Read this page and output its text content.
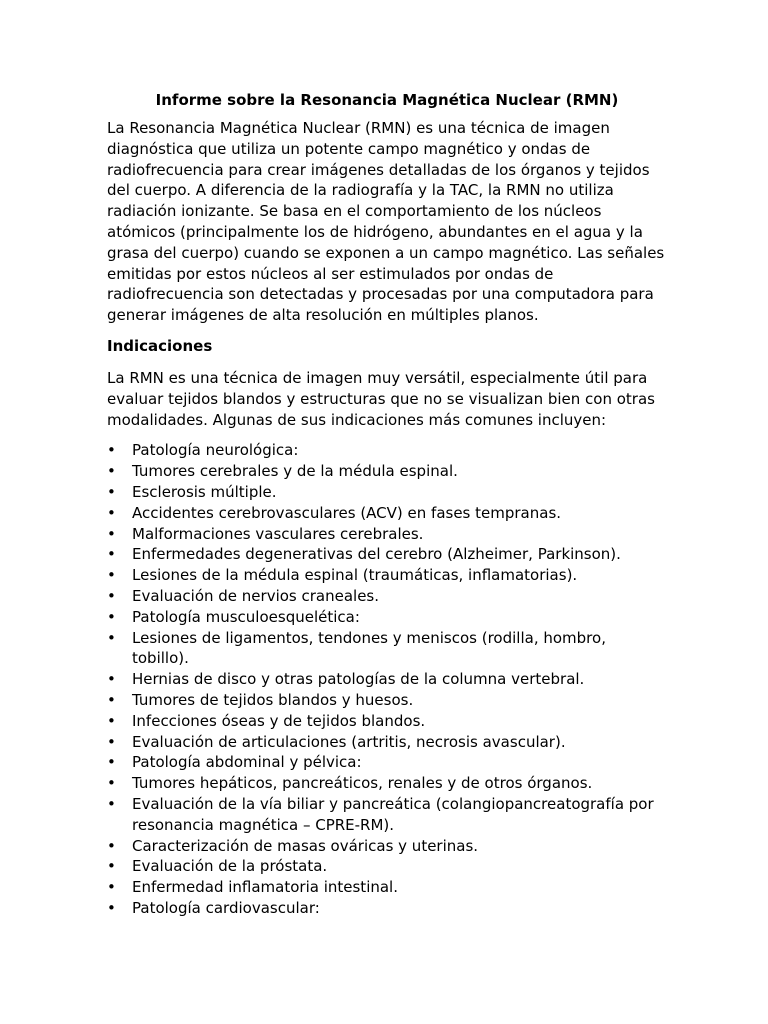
Informe sobre la Resonancia Magnética Nuclear (RMN)

La Resonancia Magnética Nuclear (RMN) es una técnica de imagen diagnóstica que utiliza un potente campo magnético y ondas de radiofrecuencia para crear imágenes detalladas de los órganos y tejidos del cuerpo. A diferencia de la radiografía y la TAC, la RMN no utiliza radiación ionizante. Se basa en el comportamiento de los núcleos atómicos (principalmente los de hidrógeno, abundantes en el agua y la grasa del cuerpo) cuando se exponen a un campo magnético. Las señales emitidas por estos núcleos al ser estimulados por ondas de radiofrecuencia son detectadas y procesadas por una computadora para generar imágenes de alta resolución en múltiples planos.

Indicaciones

La RMN es una técnica de imagen muy versátil, especialmente útil para evaluar tejidos blandos y estructuras que no se visualizan bien con otras modalidades. Algunas de sus indicaciones más comunes incluyen:

• Patología neurológica:
• Tumores cerebrales y de la médula espinal.
• Esclerosis múltiple.
• Accidentes cerebrovasculares (ACV) en fases tempranas.
• Malformaciones vasculares cerebrales.
• Enfermedades degenerativas del cerebro (Alzheimer, Parkinson).
• Lesiones de la médula espinal (traumáticas, inflamatorias).
• Evaluación de nervios craneales.
• Patología musculoesquelética:
• Lesiones de ligamentos, tendones y meniscos (rodilla, hombro, tobillo).
• Hernias de disco y otras patologías de la columna vertebral.
• Tumores de tejidos blandos y huesos.
• Infecciones óseas y de tejidos blandos.
• Evaluación de articulaciones (artritis, necrosis avascular).
• Patología abdominal y pélvica:
• Tumores hepáticos, pancreáticos, renales y de otros órganos.
• Evaluación de la vía biliar y pancreática (colangiopancreatografía por resonancia magnética – CPRE-RM).
• Caracterización de masas ováricas y uterinas.
• Evaluación de la próstata.
• Enfermedad inflamatoria intestinal.
• Patología cardiovascular:
